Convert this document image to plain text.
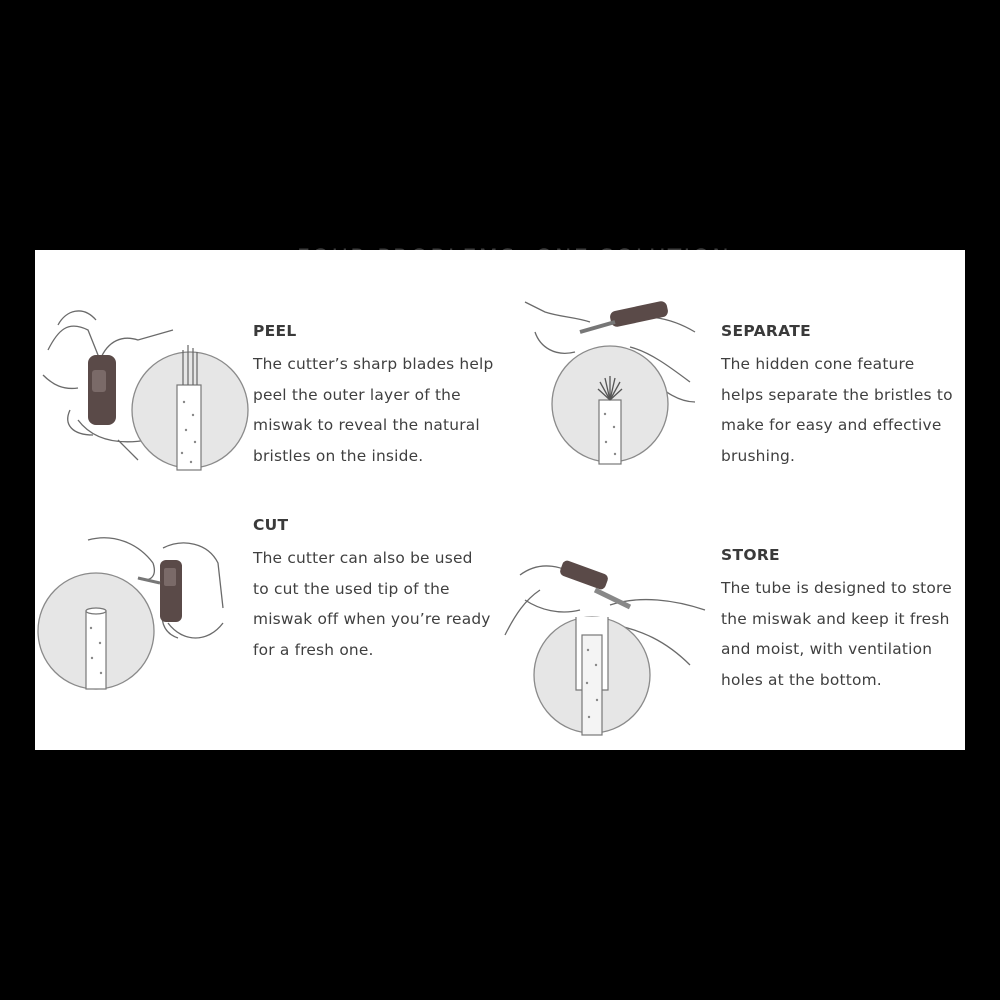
PEEL

The cutter’s sharp blades help
peel the outer layer of the
miswak to reveal the natural
bristles on the inside.

SEPARATE

The hidden cone feature
helps separate the bristles to
make for easy and effective
brushing.

CUT

The cutter can also be used
to cut the used tip of the
miswak off when you’re ready
for a fresh one.

STORE

The tube is designed to store
the miswak and keep it fresh
and moist, with ventilation
holes at the bottom.
